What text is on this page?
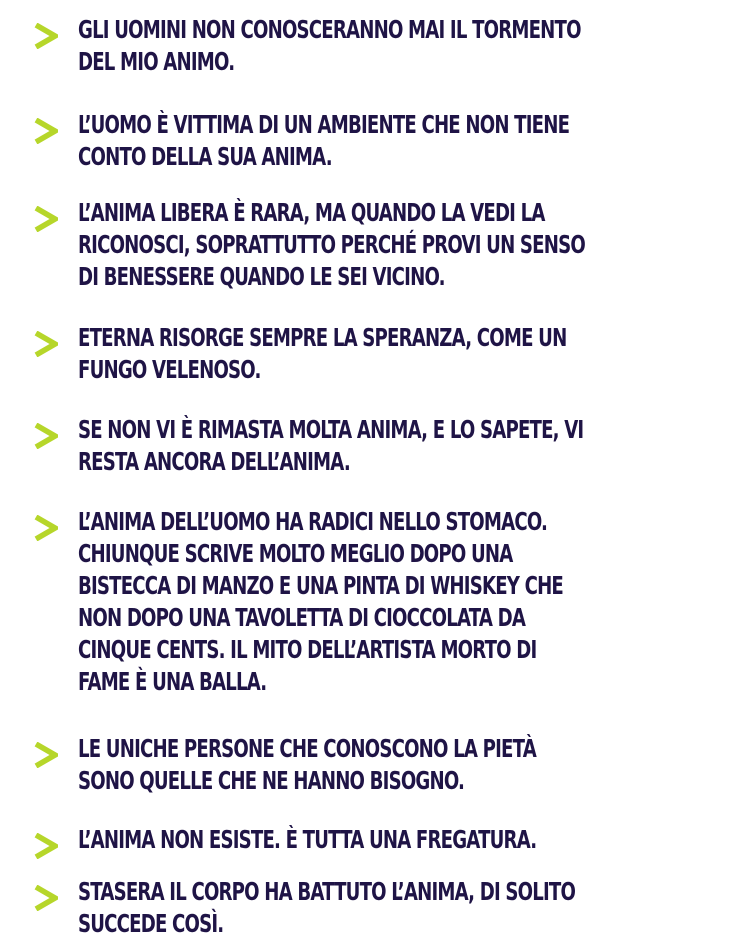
GLI UOMINI NON CONOSCERANNO MAI IL TORMENTO
DEL MIO ANIMO.

L’UOMO È VITTIMA DI UN AMBIENTE CHE NON TIENE
CONTO DELLA SUA ANIMA.

L’ANIMA LIBERA È RARA, MA QUANDO LA VEDI LA
RICONOSCI, SOPRATTUTTO PERCHÉ PROVI UN SENSO
DI BENESSERE QUANDO LE SEI VICINO.

ETERNA RISORGE SEMPRE LA SPERANZA, COME UN
FUNGO VELENOSO.

SE NON VI È RIMASTA MOLTA ANIMA, E LO SAPETE, VI
RESTA ANCORA DELL’ANIMA.

L’ANIMA DELL’UOMO HA RADICI NELLO STOMACO.
CHIUNQUE SCRIVE MOLTO MEGLIO DOPO UNA
BISTECCA DI MANZO E UNA PINTA DI WHISKEY CHE
NON DOPO UNA TAVOLETTA DI CIOCCOLATA DA
CINQUE CENTS. IL MITO DELL’ARTISTA MORTO DI
FAME È UNA BALLA.

LE UNICHE PERSONE CHE CONOSCONO LA PIETÀ
SONO QUELLE CHE NE HANNO BISOGNO.

L’ANIMA NON ESISTE. È TUTTA UNA FREGATURA.

STASERA IL CORPO HA BATTUTO L’ANIMA, DI SOLITO
SUCCEDE COSÌ.
